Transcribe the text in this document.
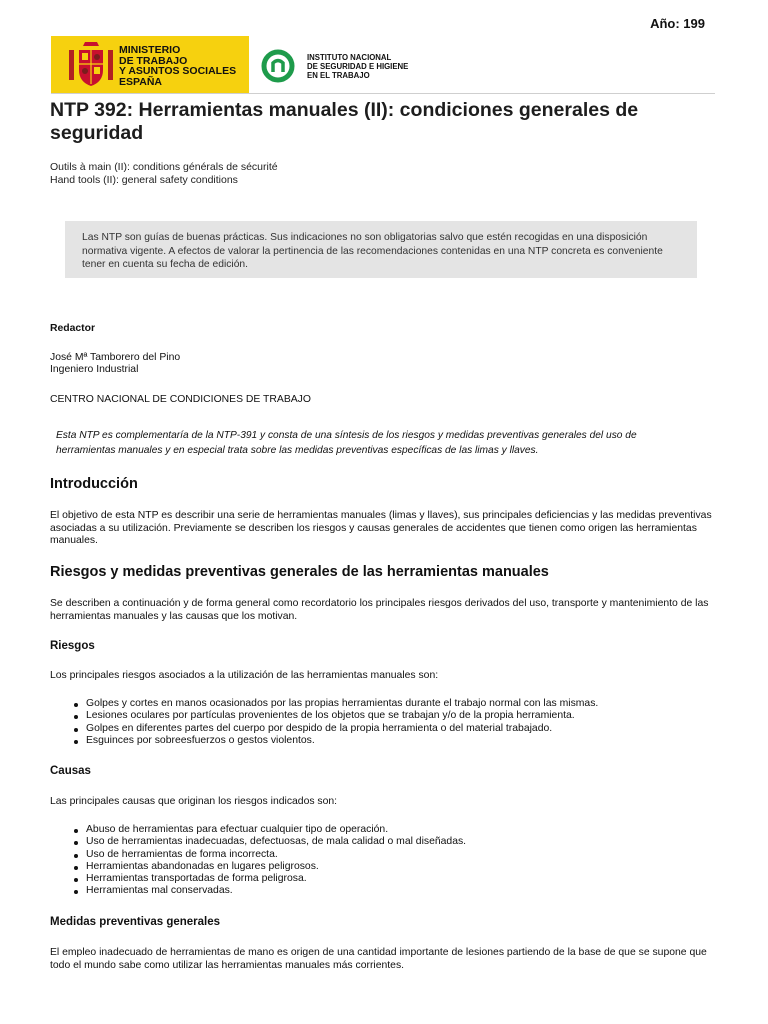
Año: 199
MINISTERIO
DE TRABAJO
Y ASUNTOS SOCIALES
ESPAÑA
INSTITUTO NACIONAL
DE SEGURIDAD E HIGIENE
EN EL TRABAJO
NTP 392: Herramientas manuales (II): condiciones generales de seguridad
Outils à main (II): conditions générals de sécurité
Hand tools (II): general safety conditions

Las NTP son guías de buenas prácticas. Sus indicaciones no son obligatorias salvo que estén recogidas en una disposición normativa vigente. A efectos de valorar la pertinencia de las recomendaciones contenidas en una NTP concreta es conveniente tener en cuenta su fecha de edición.

Redactor
José Mª Tamborero del Pino
Ingeniero Industrial
CENTRO NACIONAL DE CONDICIONES DE TRABAJO
Esta NTP es complementaría de la NTP-391 y consta de una síntesis de los riesgos y medidas preventivas generales del uso de herramientas manuales y en especial trata sobre las medidas preventivas específicas de las limas y llaves.
Introducción

El objetivo de esta NTP es describir una serie de herramientas manuales (limas y llaves), sus principales deficiencias y las medidas preventivas asociadas a su utilización. Previamente se describen los riesgos y causas generales de accidentes que tienen como origen las herramientas manuales.

Riesgos y medidas preventivas generales de las herramientas manuales

Se describen a continuación y de forma general como recordatorio los principales riesgos derivados del uso, transporte y mantenimiento de las herramientas manuales y las causas que los motivan.

Riesgos

Los principales riesgos asociados a la utilización de las herramientas manuales son:

Golpes y cortes en manos ocasionados por las propias herramientas durante el trabajo normal con las mismas.
Lesiones oculares por partículas provenientes de los objetos que se trabajan y/o de la propia herramienta.
Golpes en diferentes partes del cuerpo por despido de la propia herramienta o del material trabajado.
Esguinces por sobreesfuerzos o gestos violentos.
Causas

Las principales causas que originan los riesgos indicados son:

Abuso de herramientas para efectuar cualquier tipo de operación.
Uso de herramientas inadecuadas, defectuosas, de mala calidad o mal diseñadas.
Uso de herramientas de forma incorrecta.
Herramientas abandonadas en lugares peligrosos.
Herramientas transportadas de forma peligrosa.
Herramientas mal conservadas.
Medidas preventivas generales

El empleo inadecuado de herramientas de mano es origen de una cantidad importante de lesiones partiendo de la base de que se supone que todo el mundo sabe como utilizar las herramientas manuales más corrientes.
